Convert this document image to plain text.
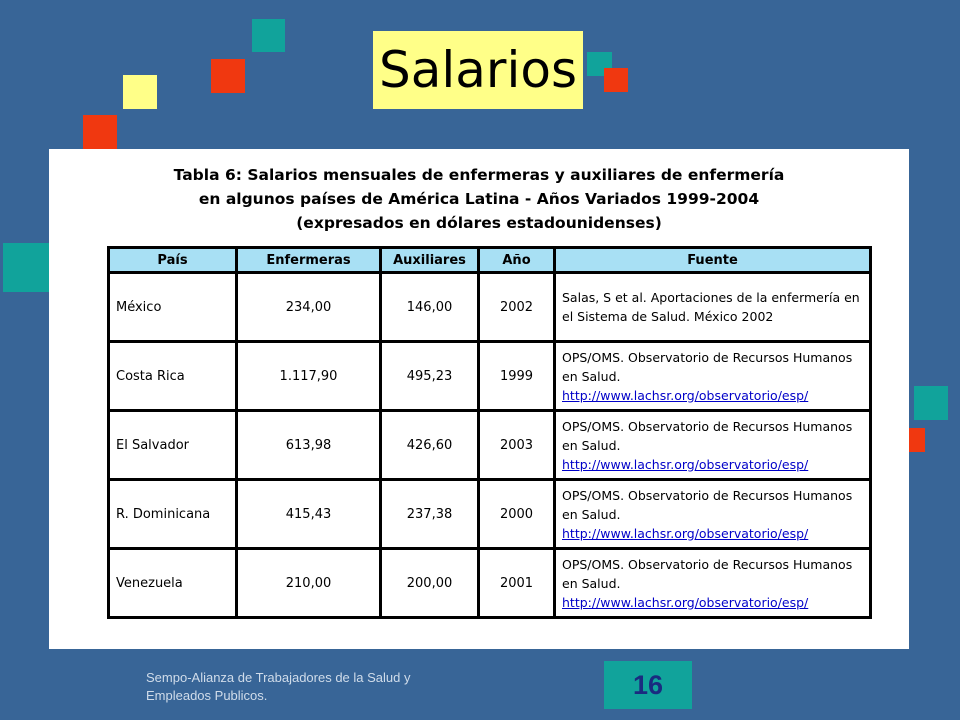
Salarios
Tabla 6: Salarios mensuales de enfermeras y auxiliares de enfermería
en algunos países de América Latina - Años Variados 1999-2004
(expresados en dólares estadounidenses)
País	Enfermeras	Auxiliares	Año	Fuente
México	234,00	146,00	2002	Salas, S et al. Aportaciones de la enfermería en el Sistema de Salud. México 2002
Costa Rica	1.117,90	495,23	1999	OPS/OMS. Observatorio de Recursos Humanos en Salud.
http://www.lachsr.org/observatorio/esp/

El Salvador	613,98	426,60	2003	OPS/OMS. Observatorio de Recursos Humanos en Salud.
http://www.lachsr.org/observatorio/esp/

R. Dominicana	415,43	237,38	2000	OPS/OMS. Observatorio de Recursos Humanos en Salud.
http://www.lachsr.org/observatorio/esp/

Venezuela	210,00	200,00	2001	OPS/OMS. Observatorio de Recursos Humanos en Salud.
http://www.lachsr.org/observatorio/esp/
Sempo-Alianza de Trabajadores de la Salud y Empleados Publicos.	16
